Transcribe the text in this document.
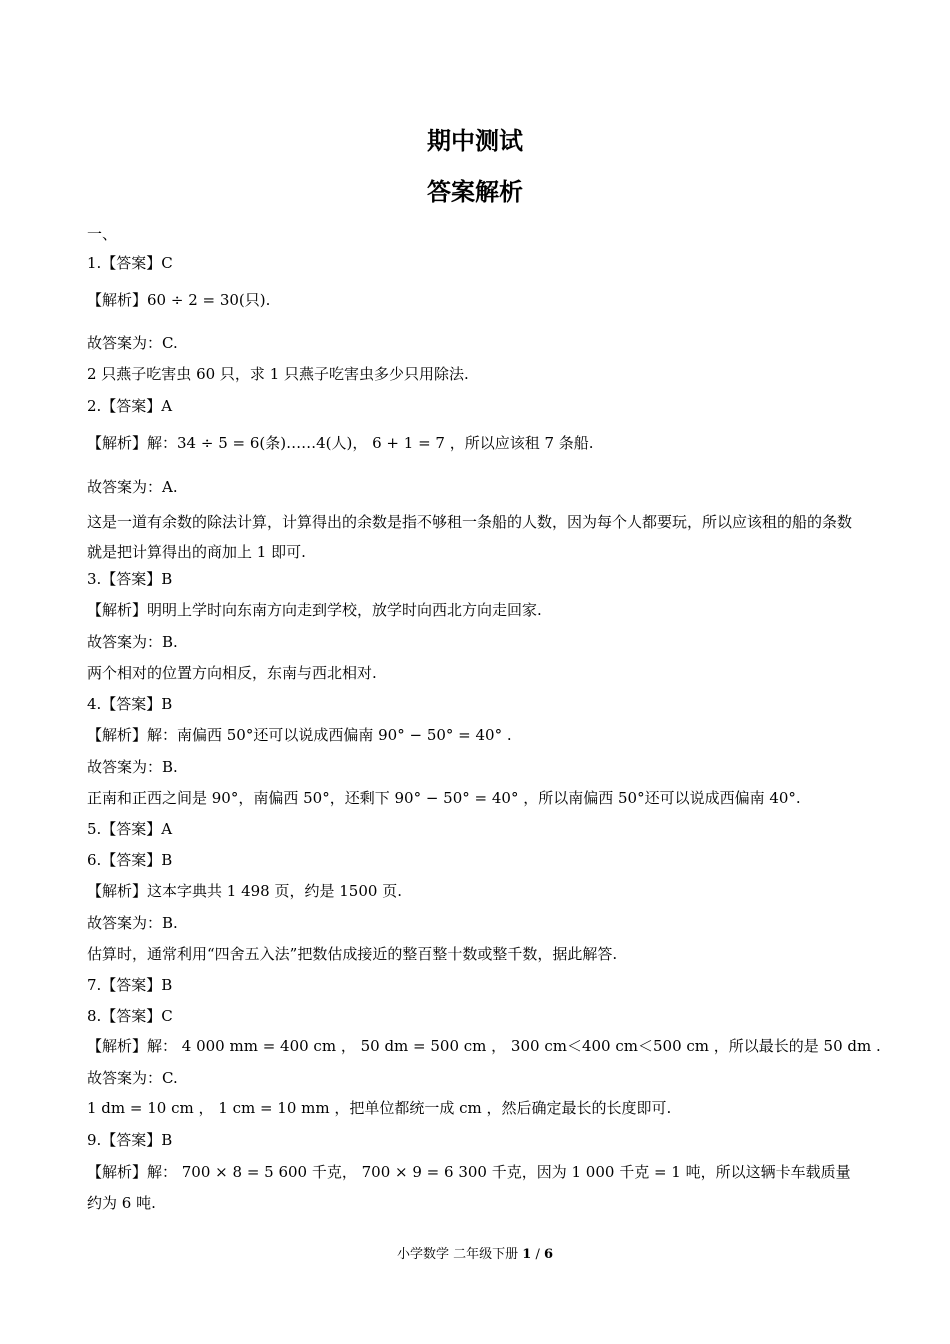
期中测试
答案解析
一、
1.【答案】C
【解析】60 ÷ 2 = 30(只).
故答案为：C.
2 只燕子吃害虫 60 只，求 1 只燕子吃害虫多少只用除法.
2.【答案】A
【解析】解：34 ÷ 5 = 6(条)……4(人)， 6 + 1 = 7 ，所以应该租 7 条船.
故答案为：A.
这是一道有余数的除法计算，计算得出的余数是指不够租一条船的人数，因为每个人都要玩，所以应该租的船的条数就是把计算得出的商加上 1 即可.
3.【答案】B
【解析】明明上学时向东南方向走到学校，放学时向西北方向走回家.
故答案为：B.
两个相对的位置方向相反，东南与西北相对.
4.【答案】B
【解析】解：南偏西 50°还可以说成西偏南 90° − 50° = 40° .
故答案为：B.
正南和正西之间是 90°，南偏西 50°，还剩下 90° − 50° = 40° ，所以南偏西 50°还可以说成西偏南 40°.
5.【答案】A
6.【答案】B
【解析】这本字典共 1 498 页，约是 1500 页.
故答案为：B.
估算时，通常利用“四舍五入法”把数估成接近的整百整十数或整千数，据此解答.
7.【答案】B
8.【答案】C
【解析】解： 4 000 mm = 400 cm ， 50 dm = 500 cm ， 300 cm＜400 cm＜500 cm ，所以最长的是 50 dm .
故答案为：C.
1 dm = 10 cm ， 1 cm = 10 mm ，把单位都统一成 cm ，然后确定最长的长度即可.
9.【答案】B
【解析】解： 700 × 8 = 5 600 千克， 700 × 9 = 6 300 千克，因为 1 000 千克 = 1 吨，所以这辆卡车载质量约为 6 吨.
小学数学 二年级下册 1 / 6
